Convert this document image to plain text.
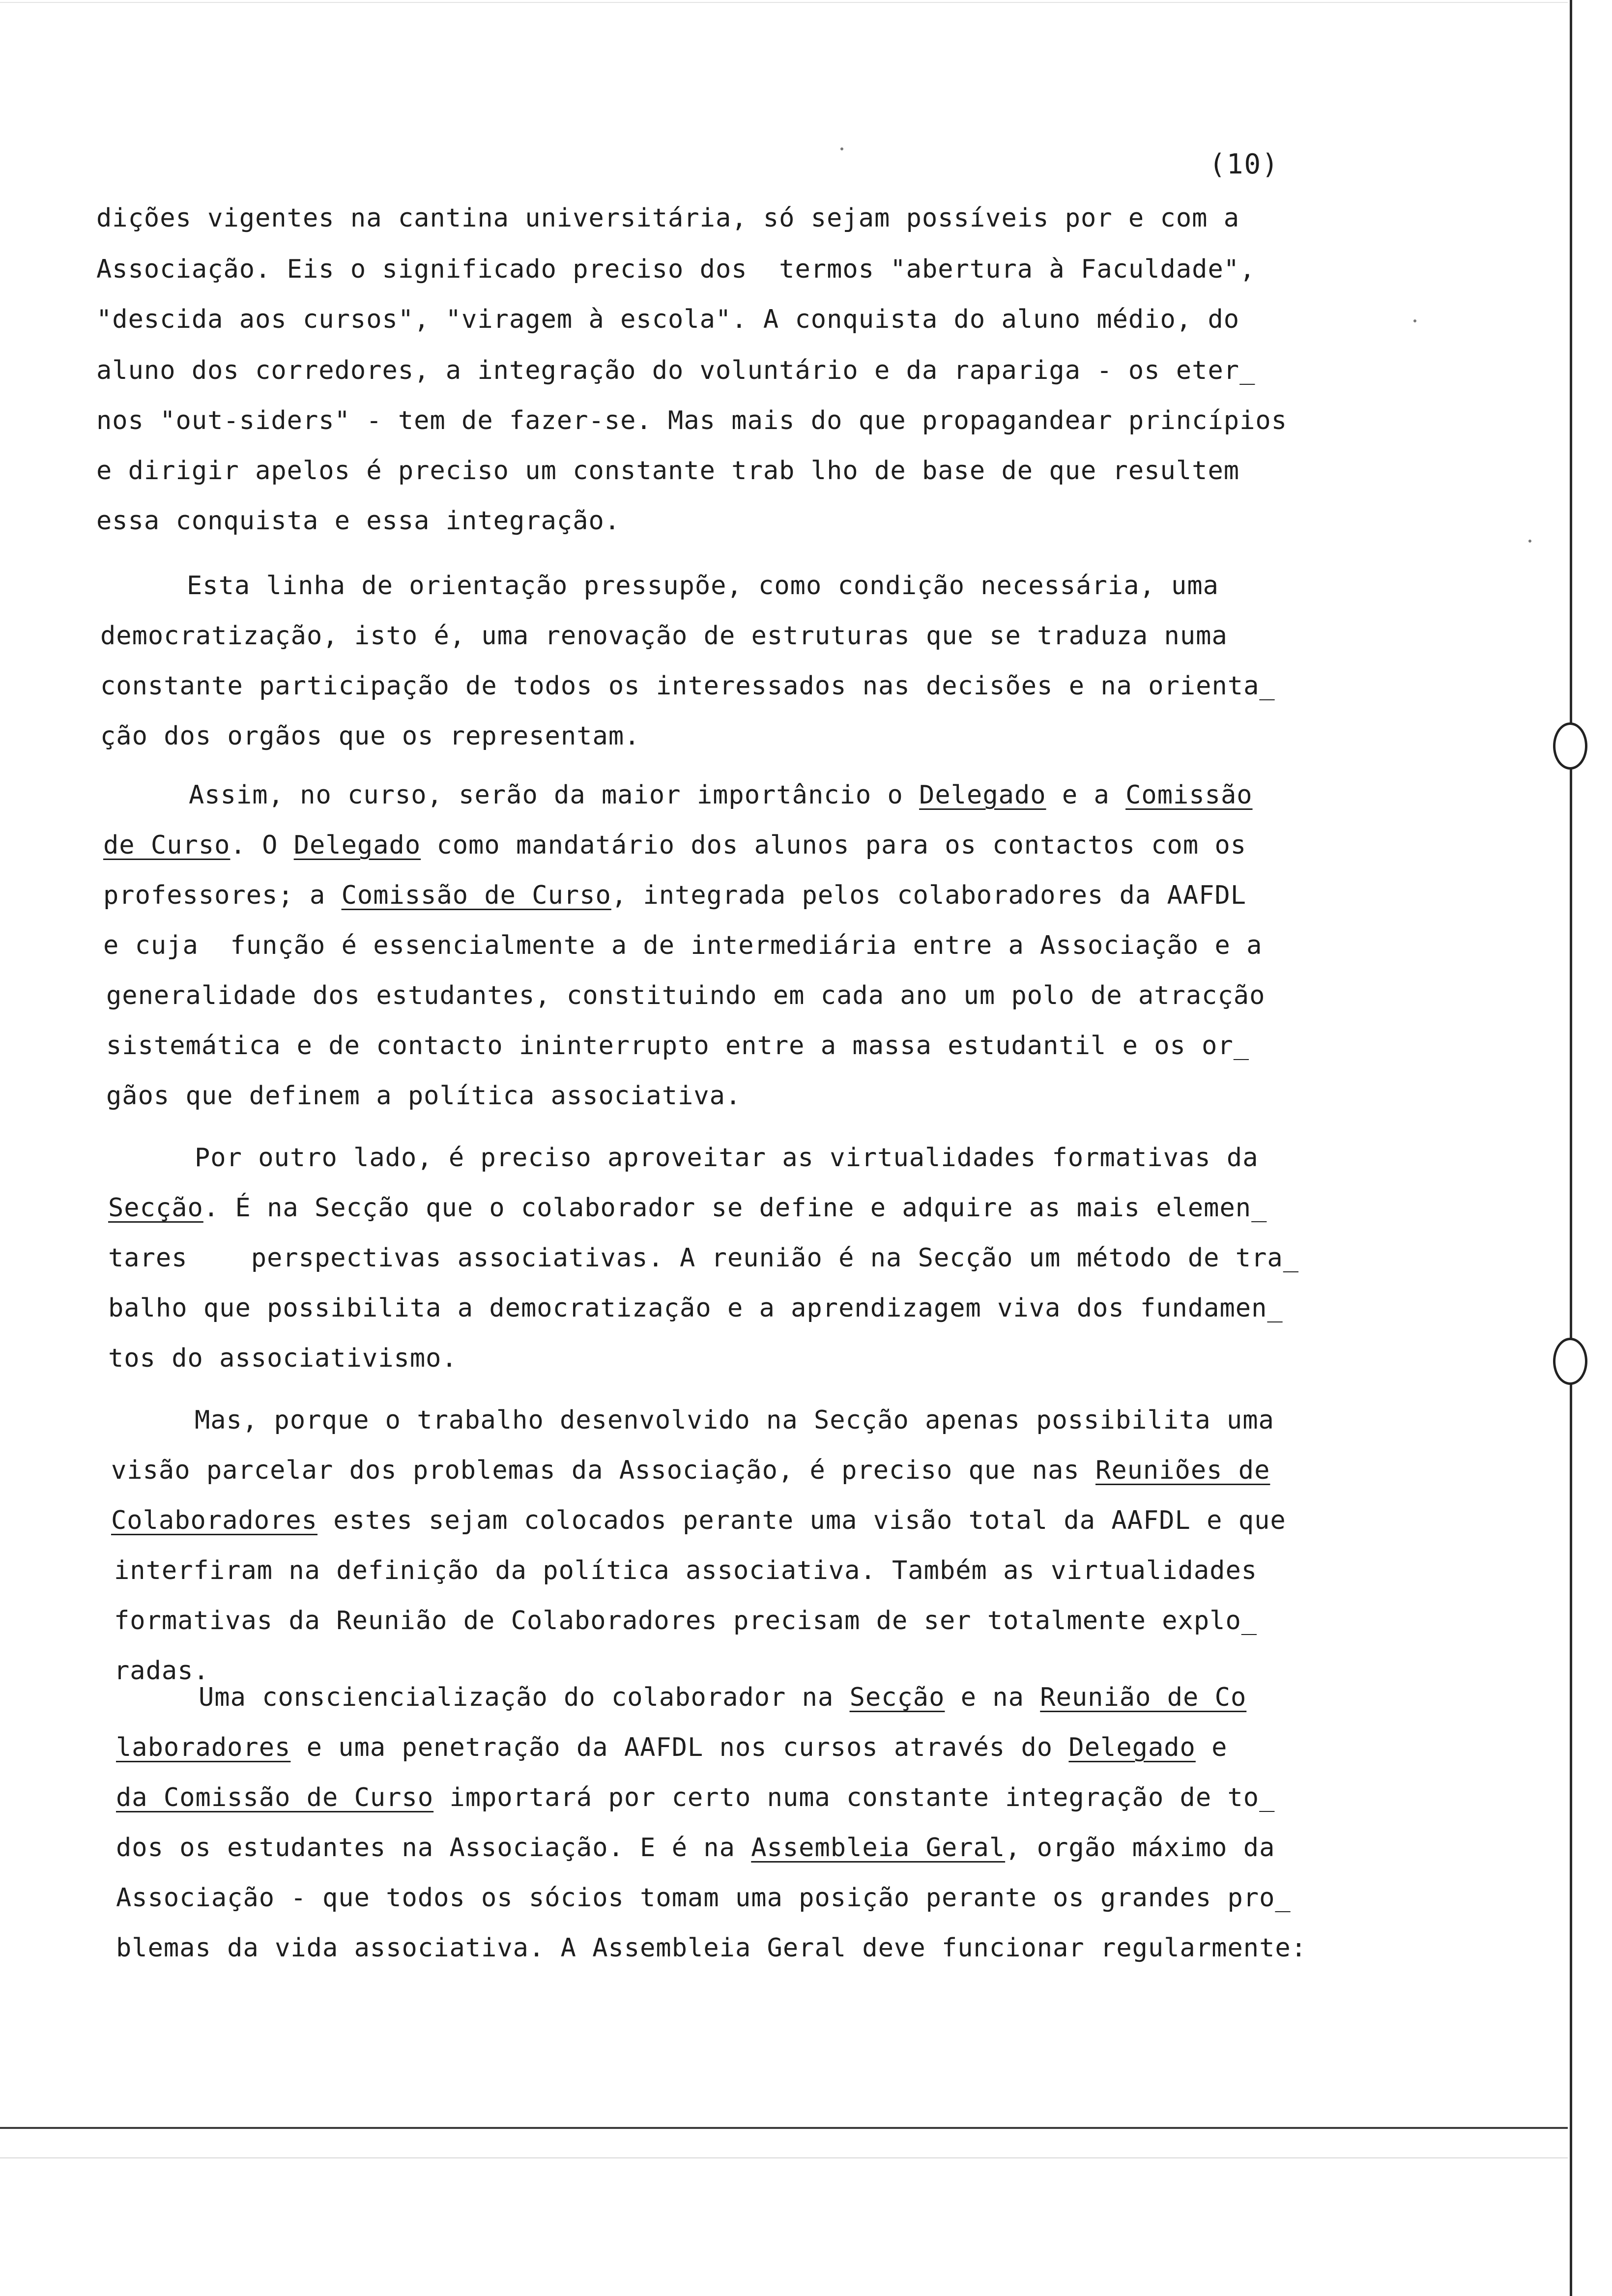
(10)
dições vigentes na cantina universitária, só sejam possíveis por e com a
Associação. Eis o significado preciso dos  termos "abertura à Faculdade",
"descida aos cursos", "viragem à escola". A conquista do aluno médio, do
aluno dos corredores, a integração do voluntário e da rapariga - os eter_
nos "out-siders" - tem de fazer-se. Mas mais do que propagandear princípios
e dirigir apelos é preciso um constante trab lho de base de que resultem
essa conquista e essa integração.
Esta linha de orientação pressupõe, como condição necessária, uma
democratização, isto é, uma renovação de estruturas que se traduza numa
constante participação de todos os interessados nas decisões e na orienta_
ção dos orgãos que os representam.
Assim, no curso, serão da maior importâncio o Delegado e a Comissão
de Curso. O Delegado como mandatário dos alunos para os contactos com os
professores; a Comissão de Curso, integrada pelos colaboradores da AAFDL
e cuja  função é essencialmente a de intermediária entre a Associação e a
generalidade dos estudantes, constituindo em cada ano um polo de atracção
sistemática e de contacto ininterrupto entre a massa estudantil e os or_
gãos que definem a política associativa.
Por outro lado, é preciso aproveitar as virtualidades formativas da
Secção. É na Secção que o colaborador se define e adquire as mais elemen_
tares    perspectivas associativas. A reunião é na Secção um método de tra_
balho que possibilita a democratização e a aprendizagem viva dos fundamen_
tos do associativismo.
Mas, porque o trabalho desenvolvido na Secção apenas possibilita uma
visão parcelar dos problemas da Associação, é preciso que nas Reuniões de
Colaboradores estes sejam colocados perante uma visão total da AAFDL e que
interfiram na definição da política associativa. Também as virtualidades
formativas da Reunião de Colaboradores precisam de ser totalmente explo_
radas.
Uma consciencialização do colaborador na Secção e na Reunião de Co
laboradores e uma penetração da AAFDL nos cursos através do Delegado e
da Comissão de Curso importará por certo numa constante integração de to_
dos os estudantes na Associação. E é na Assembleia Geral, orgão máximo da
Associação - que todos os sócios tomam uma posição perante os grandes pro_
blemas da vida associativa. A Assembleia Geral deve funcionar regularmente:
